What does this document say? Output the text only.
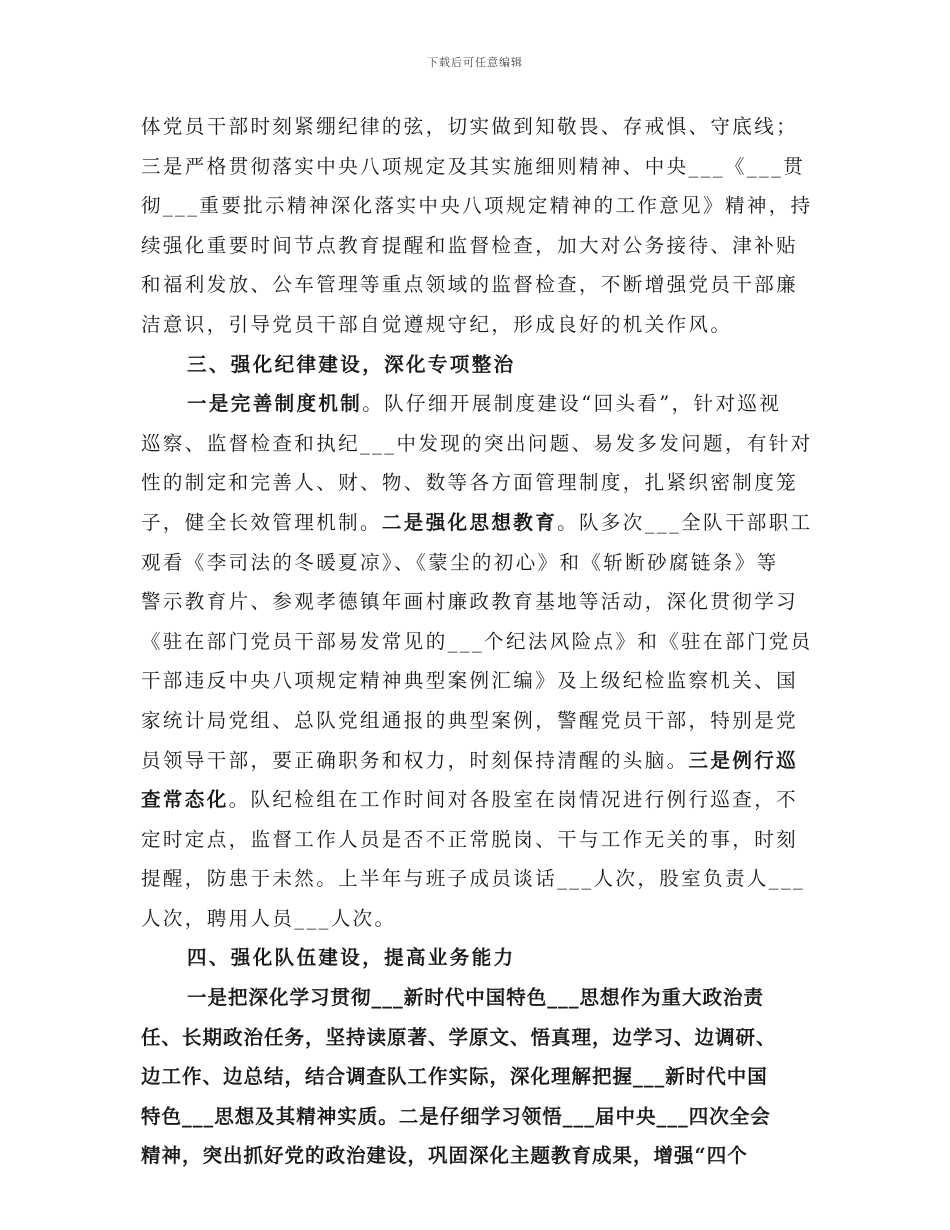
下载后可任意编辑
体党员干部时刻紧绷纪律的弦，切实做到知敬畏、存戒惧、守底线；
三是严格贯彻落实中央八项规定及其实施细则精神、中央___《___贯
彻___重要批示精神深化落实中央八项规定精神的工作意见》精神，持
续强化重要时间节点教育提醒和监督检查，加大对公务接待、津补贴
和福利发放、公车管理等重点领域的监督检查，不断增强党员干部廉
洁意识，引导党员干部自觉遵规守纪，形成良好的机关作风。
三、强化纪律建设，深化专项整治
一是完善制度机制。队仔细开展制度建设“回头看”，针对巡视
巡察、监督检查和执纪___中发现的突出问题、易发多发问题，有针对
性的制定和完善人、财、物、数等各方面管理制度，扎紧织密制度笼
子，健全长效管理机制。二是强化思想教育。队多次___全队干部职工
观看《李司法的冬暖夏凉》、《蒙尘的初心》和《斩断砂腐链条》等
警示教育片、参观孝德镇年画村廉政教育基地等活动，深化贯彻学习
《驻在部门党员干部易发常见的___个纪法风险点》和《驻在部门党员
干部违反中央八项规定精神典型案例汇编》及上级纪检监察机关、国
家统计局党组、总队党组通报的典型案例，警醒党员干部，特别是党
员领导干部，要正确职务和权力，时刻保持清醒的头脑。三是例行巡
查常态化。队纪检组在工作时间对各股室在岗情况进行例行巡查，不
定时定点，监督工作人员是否不正常脱岗、干与工作无关的事，时刻
提醒，防患于未然。上半年与班子成员谈话___人次，股室负责人___
人次，聘用人员___人次。
四、强化队伍建设，提高业务能力
一是把深化学习贯彻___新时代中国特色___思想作为重大政治责
任、长期政治任务，坚持读原著、学原文、悟真理，边学习、边调研、
边工作、边总结，结合调查队工作实际，深化理解把握___新时代中国
特色___思想及其精神实质。二是仔细学习领悟___届中央___四次全会
精神，突出抓好党的政治建设，巩固深化主题教育成果，增强“四个
